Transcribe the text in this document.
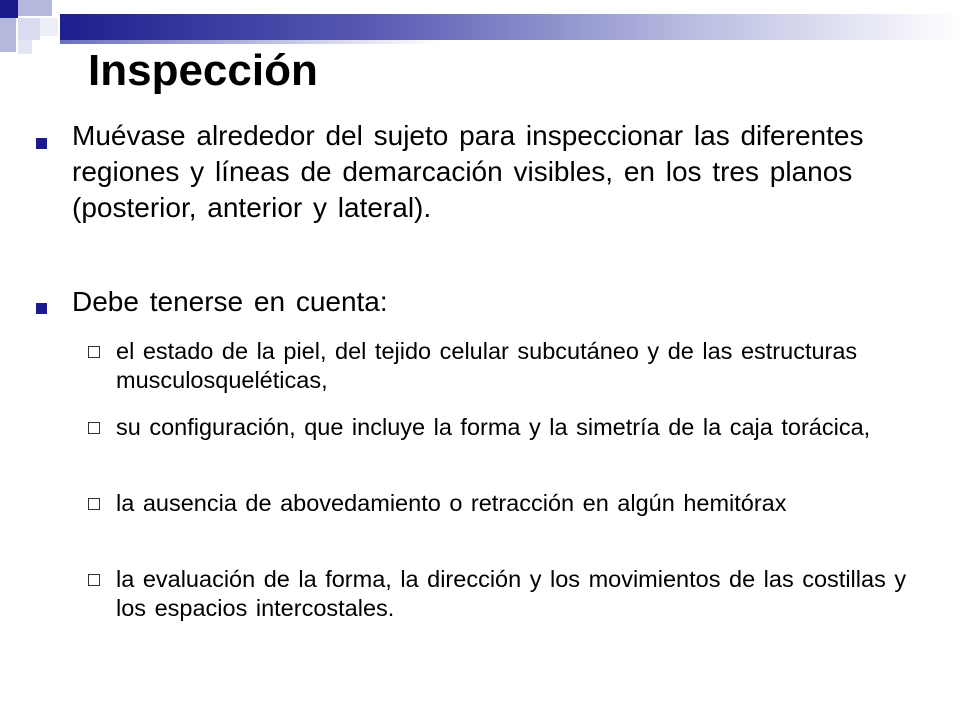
Inspección
Muévase alrededor del sujeto para inspeccionar las diferentes regiones y líneas de demarcación visibles, en los tres planos (posterior, anterior y lateral).
Debe tenerse en cuenta:
el estado de la piel, del tejido celular subcutáneo y de las estructuras musculosqueléticas,
su configuración, que incluye la forma y la simetría de la caja torácica,
la ausencia de abovedamiento o retracción en algún hemitórax
la evaluación de la forma, la dirección y los movimientos de las costillas y los espacios intercostales.
